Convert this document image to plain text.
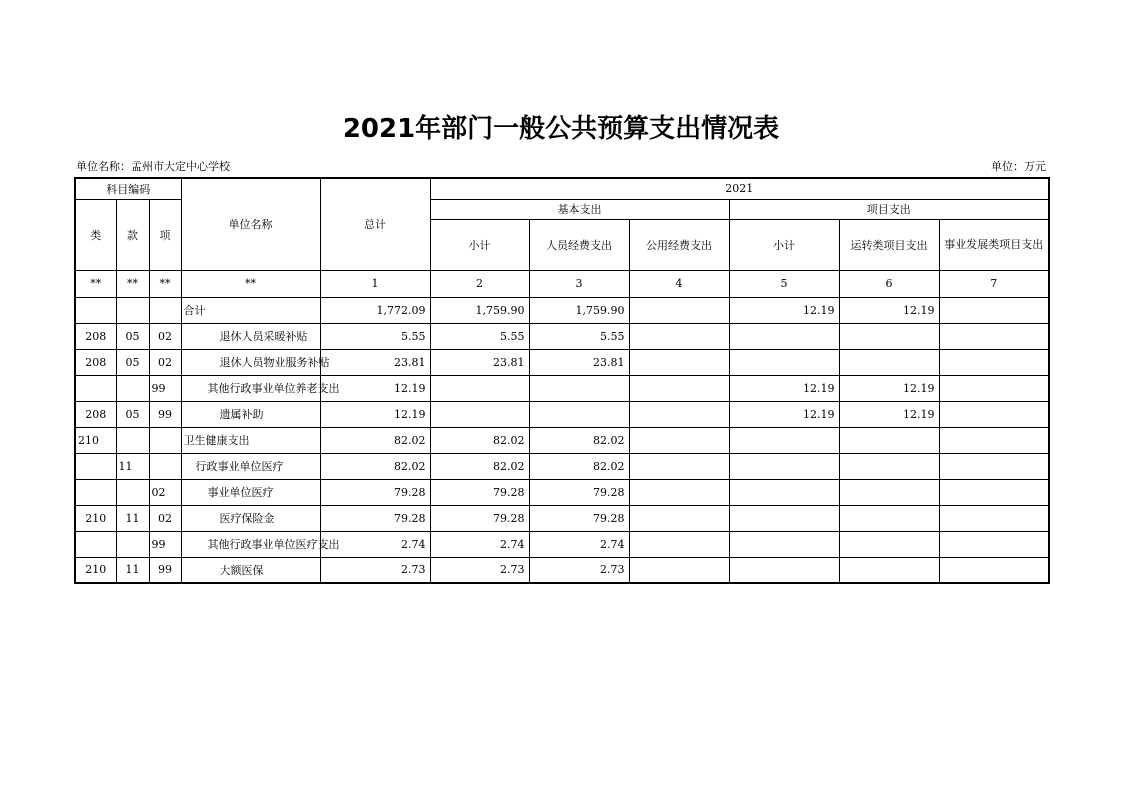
2021年部门一般公共预算支出情况表
单位名称：孟州市大定中心学校	单位：万元
科目编码			单位名称	总计	2021					
类	款	项			基本支出			项目支出		
					小计	人员经费支出	公用经费支出	小计	运转类项目支出	事业发展类项目支出
**	**	**	**	1	2	3	4	5	6	7
			合计	1,772.09	1,759.90	1,759.90		12.19	12.19	
208	05	02	退休人员采暖补贴	5.55	5.55	5.55				
208	05	02	退休人员物业服务补贴	23.81	23.81	23.81				
		99	其他行政事业单位养老支出	12.19				12.19	12.19	
208	05	99	遗属补助	12.19				12.19	12.19	
210			卫生健康支出	82.02	82.02	82.02				
	11		行政事业单位医疗	82.02	82.02	82.02				
		02	事业单位医疗	79.28	79.28	79.28				
210	11	02	医疗保险金	79.28	79.28	79.28				
		99	其他行政事业单位医疗支出	2.74	2.74	2.74				
210	11	99	大额医保	2.73	2.73	2.73				
